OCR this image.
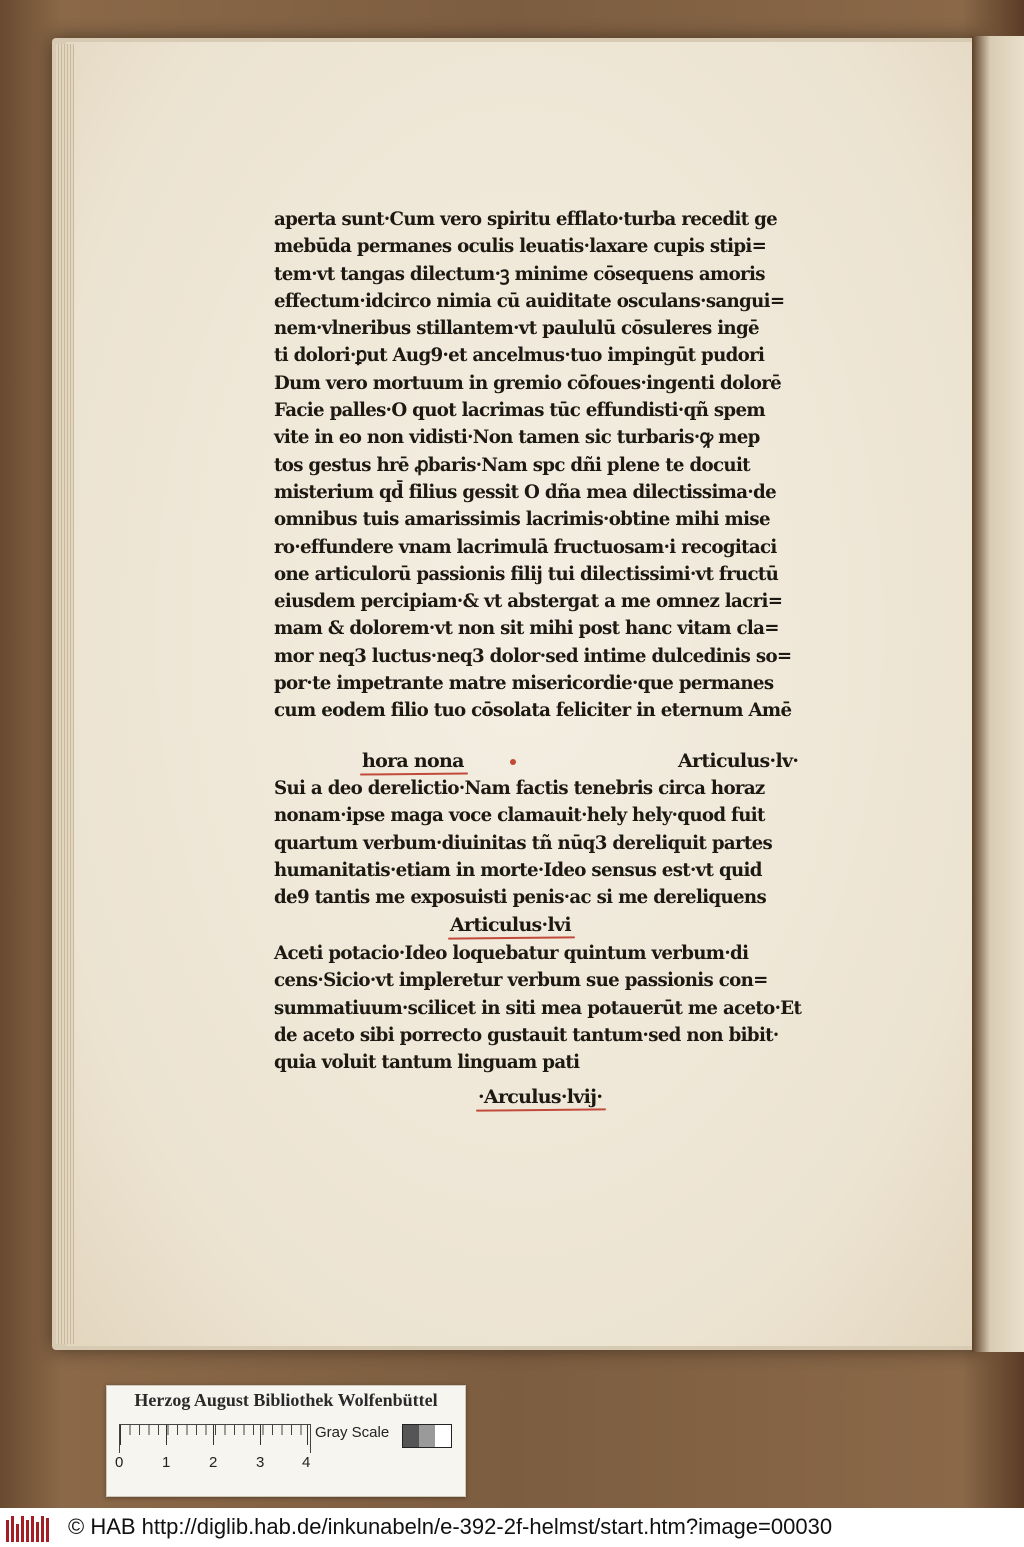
aperta sunt·Cum vero spiritu efflato·turba recedit ge
mebūda permanes oculis leuatis·laxare cupis stipi=
tem·vt tangas dilectum·ꝫ minime cōsequens amoris
effectum·idcirco nimia cū auiditate osculans·sangui=
nem·vlneribus stillantem·vt paululū cōsuleres ingē
ti dolori·ꝑut Aug9·et ancelmus·tuo impingūt pudori
Dum vero mortuum in gremio cōfoues·ingenti dolorē
Facie palles·O quot lacrimas tūc effundisti·qñ spem
vite in eo non vidisti·Non tamen sic turbaris·ꝙ mep
tos gestus hrē ꝓbaris·Nam spc dñi plene te docuit
misterium qd̄ filius gessit O dña mea dilectissima·de
omnibus tuis amarissimis lacrimis·obtine mihi mise
ro·effundere vnam lacrimulā fructuosam·i recogitaci
one articulorū passionis filij tui dilectissimi·vt fructū
eiusdem percipiam·& vt abstergat a me omnez lacri=
mam & dolorem·vt non sit mihi post hanc vitam cla=
mor neq3 luctus·neq3 dolor·sed intime dulcedinis so=
por·te impetrante matre misericordie·que permanes
cum eodem filio tuo cōsolata feliciter in eternum Amē
hora nona	Articulus·lv·
Sui a deo derelictio·Nam factis tenebris circa horaz
nonam·ipse maga voce clamauit·hely hely·quod fuit
quartum verbum·diuinitas tñ nūq3 dereliquit partes
humanitatis·etiam in morte·Ideo sensus est·vt quid
de9 tantis me exposuisti penis·ac si me dereliquens
Articulus·lvi
Aceti potacio·Ideo loquebatur quintum verbum·di
cens·Sicio·vt impleretur verbum sue passionis con=
summatiuum·scilicet in siti mea potauerūt me aceto·Et
de aceto sibi porrecto gustauit tantum·sed non bibit·
quia voluit tantum linguam pati
·Arculus·lvij·
Herzog August Bibliothek Wolfenbüttel
0	1	2	3	4
Gray Scale
© HAB http://diglib.hab.de/inkunabeln/e-392-2f-helmst/start.htm?image=00030
